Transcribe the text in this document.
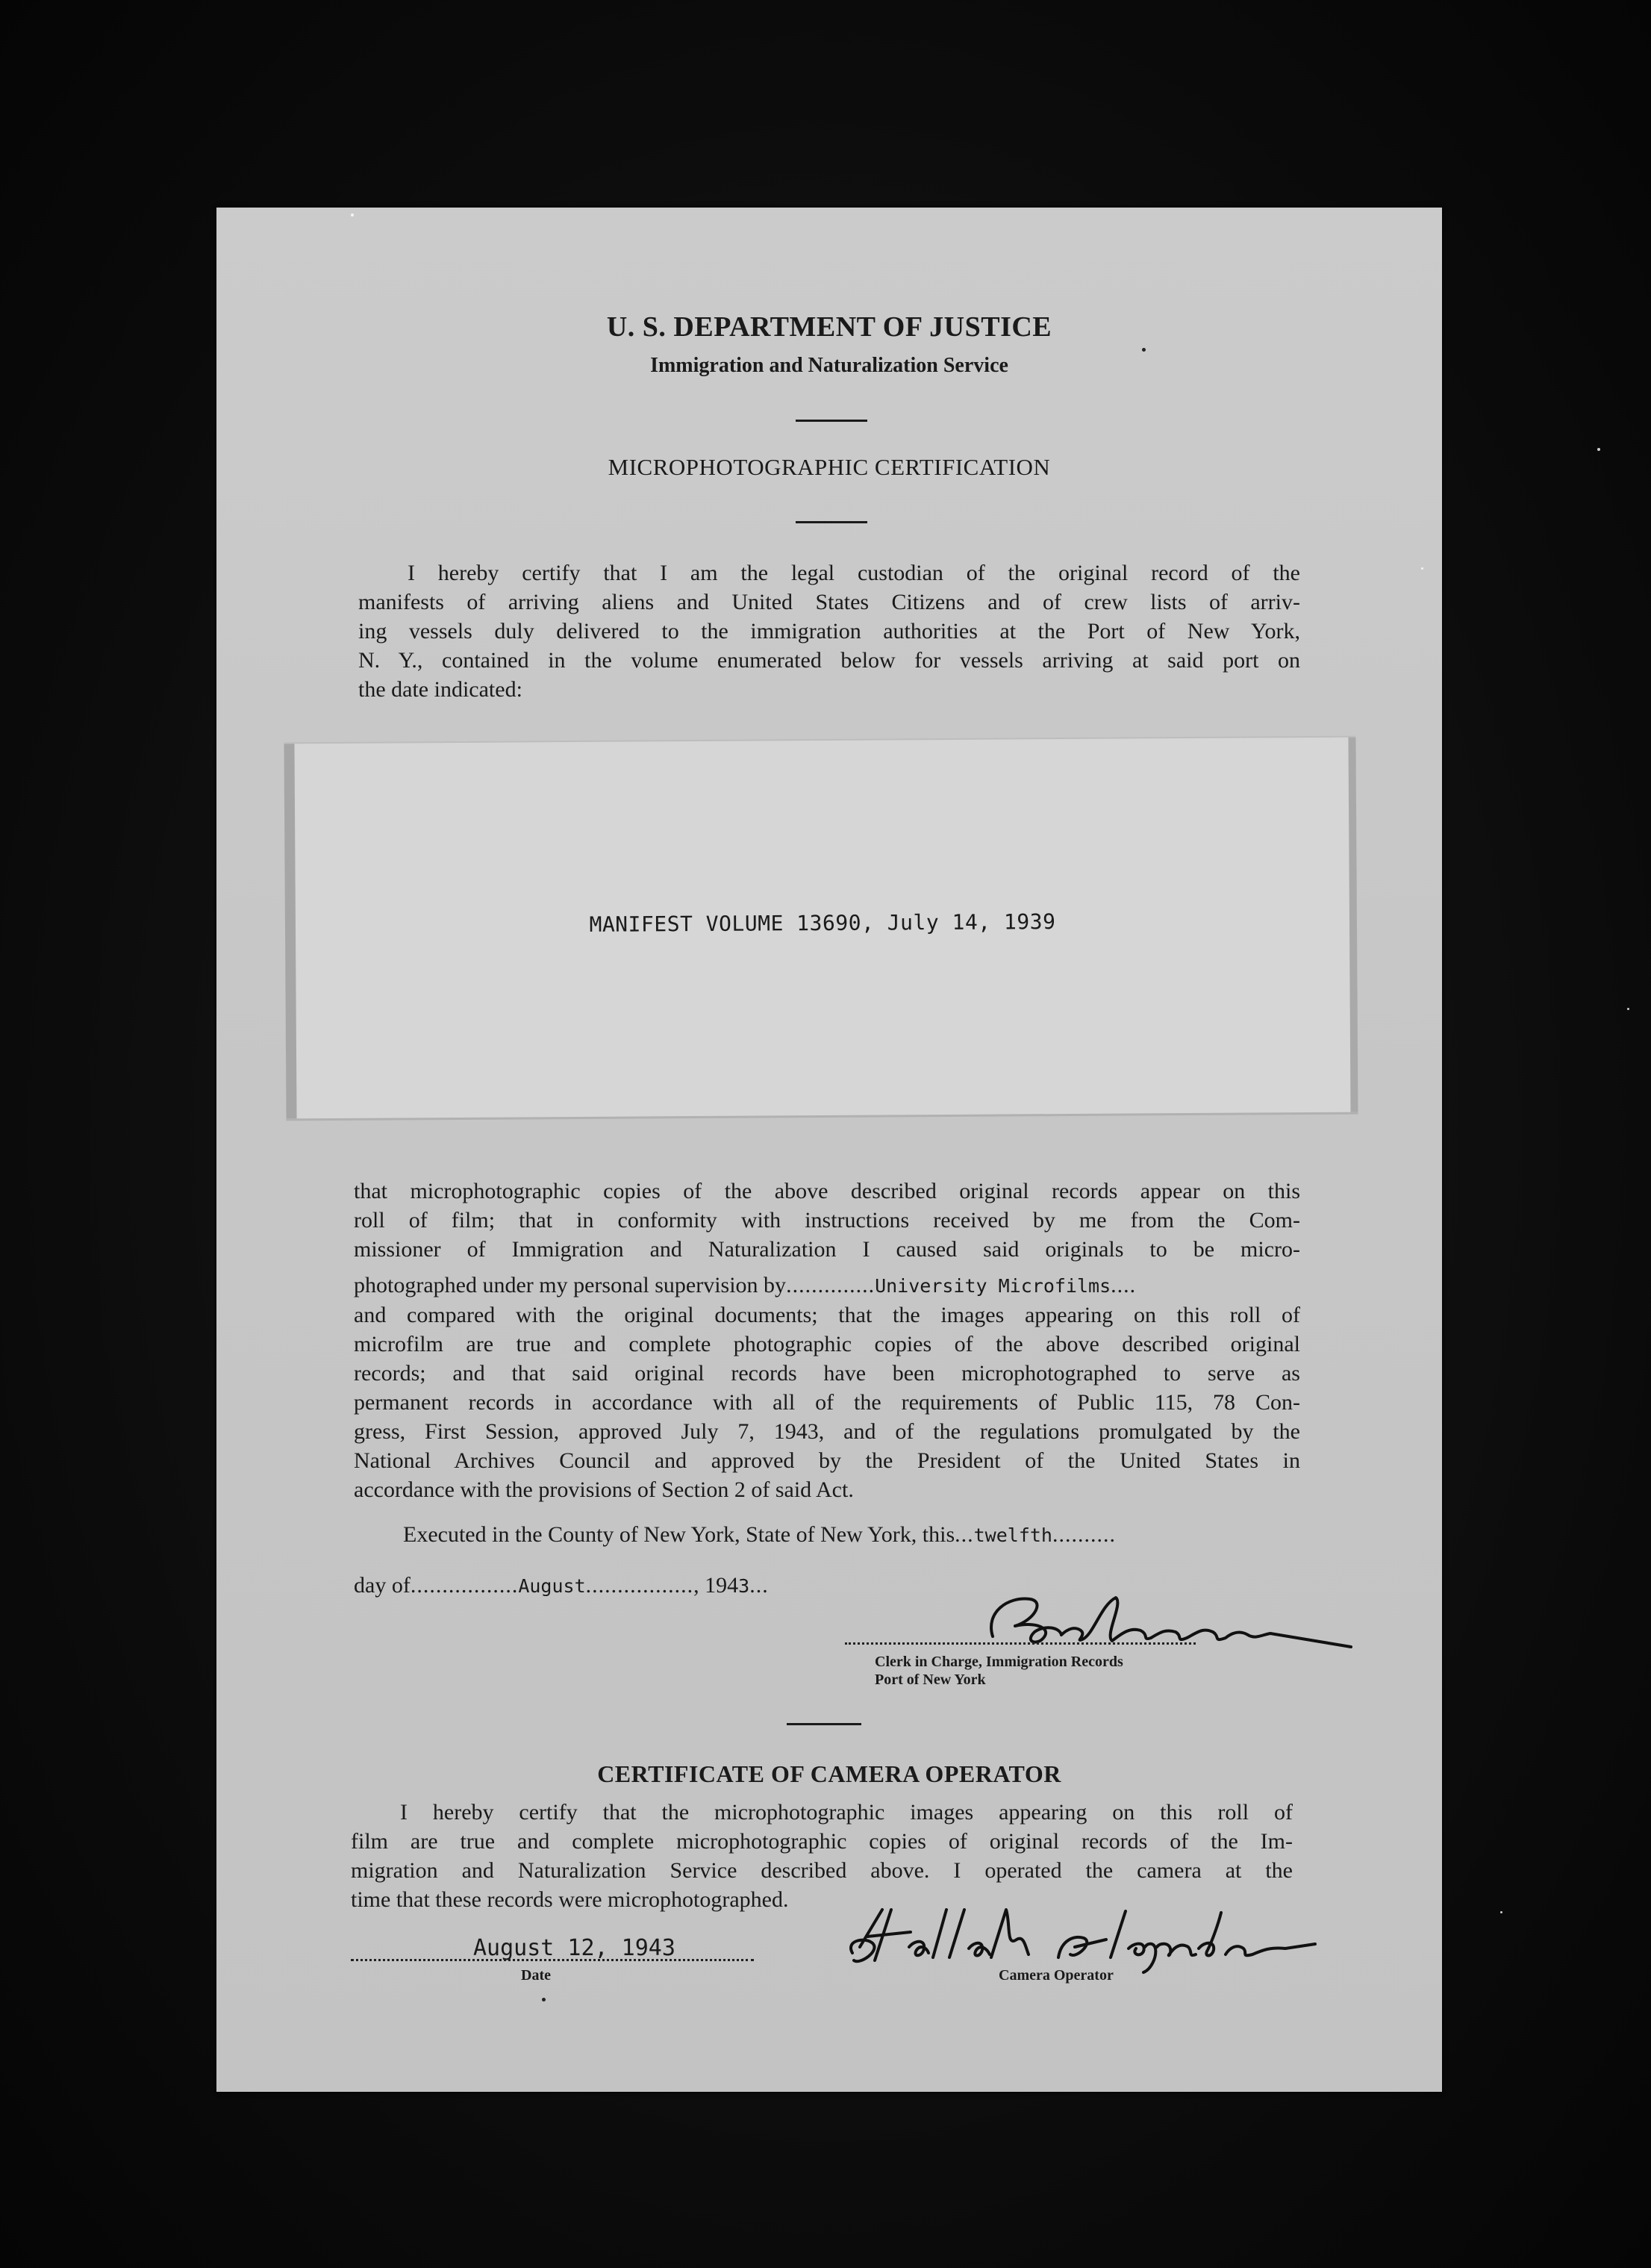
U. S. DEPARTMENT OF JUSTICE
Immigration and Naturalization Service
MICROPHOTOGRAPHIC CERTIFICATION
I hereby certify that I am the legal custodian of the original record of the
manifests of arriving aliens and United States Citizens and of crew lists of arriv-
ing vessels duly delivered to the immigration authorities at the Port of New York,
N. Y., contained in the volume enumerated below for vessels arriving at said port on
the date indicated:
MANIFEST VOLUME 13690, July 14, 1939
that microphotographic copies of the above described original records appear on this
roll of film; that in conformity with instructions received by me from the Com-
missioner of Immigration and Naturalization I caused said originals to be micro-
photographed under my personal supervision by..............University Microfilms....
and compared with the original documents; that the images appearing on this roll of
microfilm are true and complete photographic copies of the above described original
records; and that said original records have been microphotographed to serve as
permanent records in accordance with all of the requirements of Public 115, 78 Con-
gress, First Session, approved July 7, 1943, and of the regulations promulgated by the
National Archives Council and approved by the President of the United States in
accordance with the provisions of Section 2 of said Act.
Executed in the County of New York, State of New York, this...twelfth..........
day of.................August................., 1943...
Clerk in Charge, Immigration Records
Port of New York
CERTIFICATE OF CAMERA OPERATOR
I hereby certify that the microphotographic images appearing on this roll of
film are true and complete microphotographic copies of original records of the Im-
migration and Naturalization Service described above. I operated the camera at the
time that these records were microphotographed.
August 12, 1943
Date	Camera Operator
